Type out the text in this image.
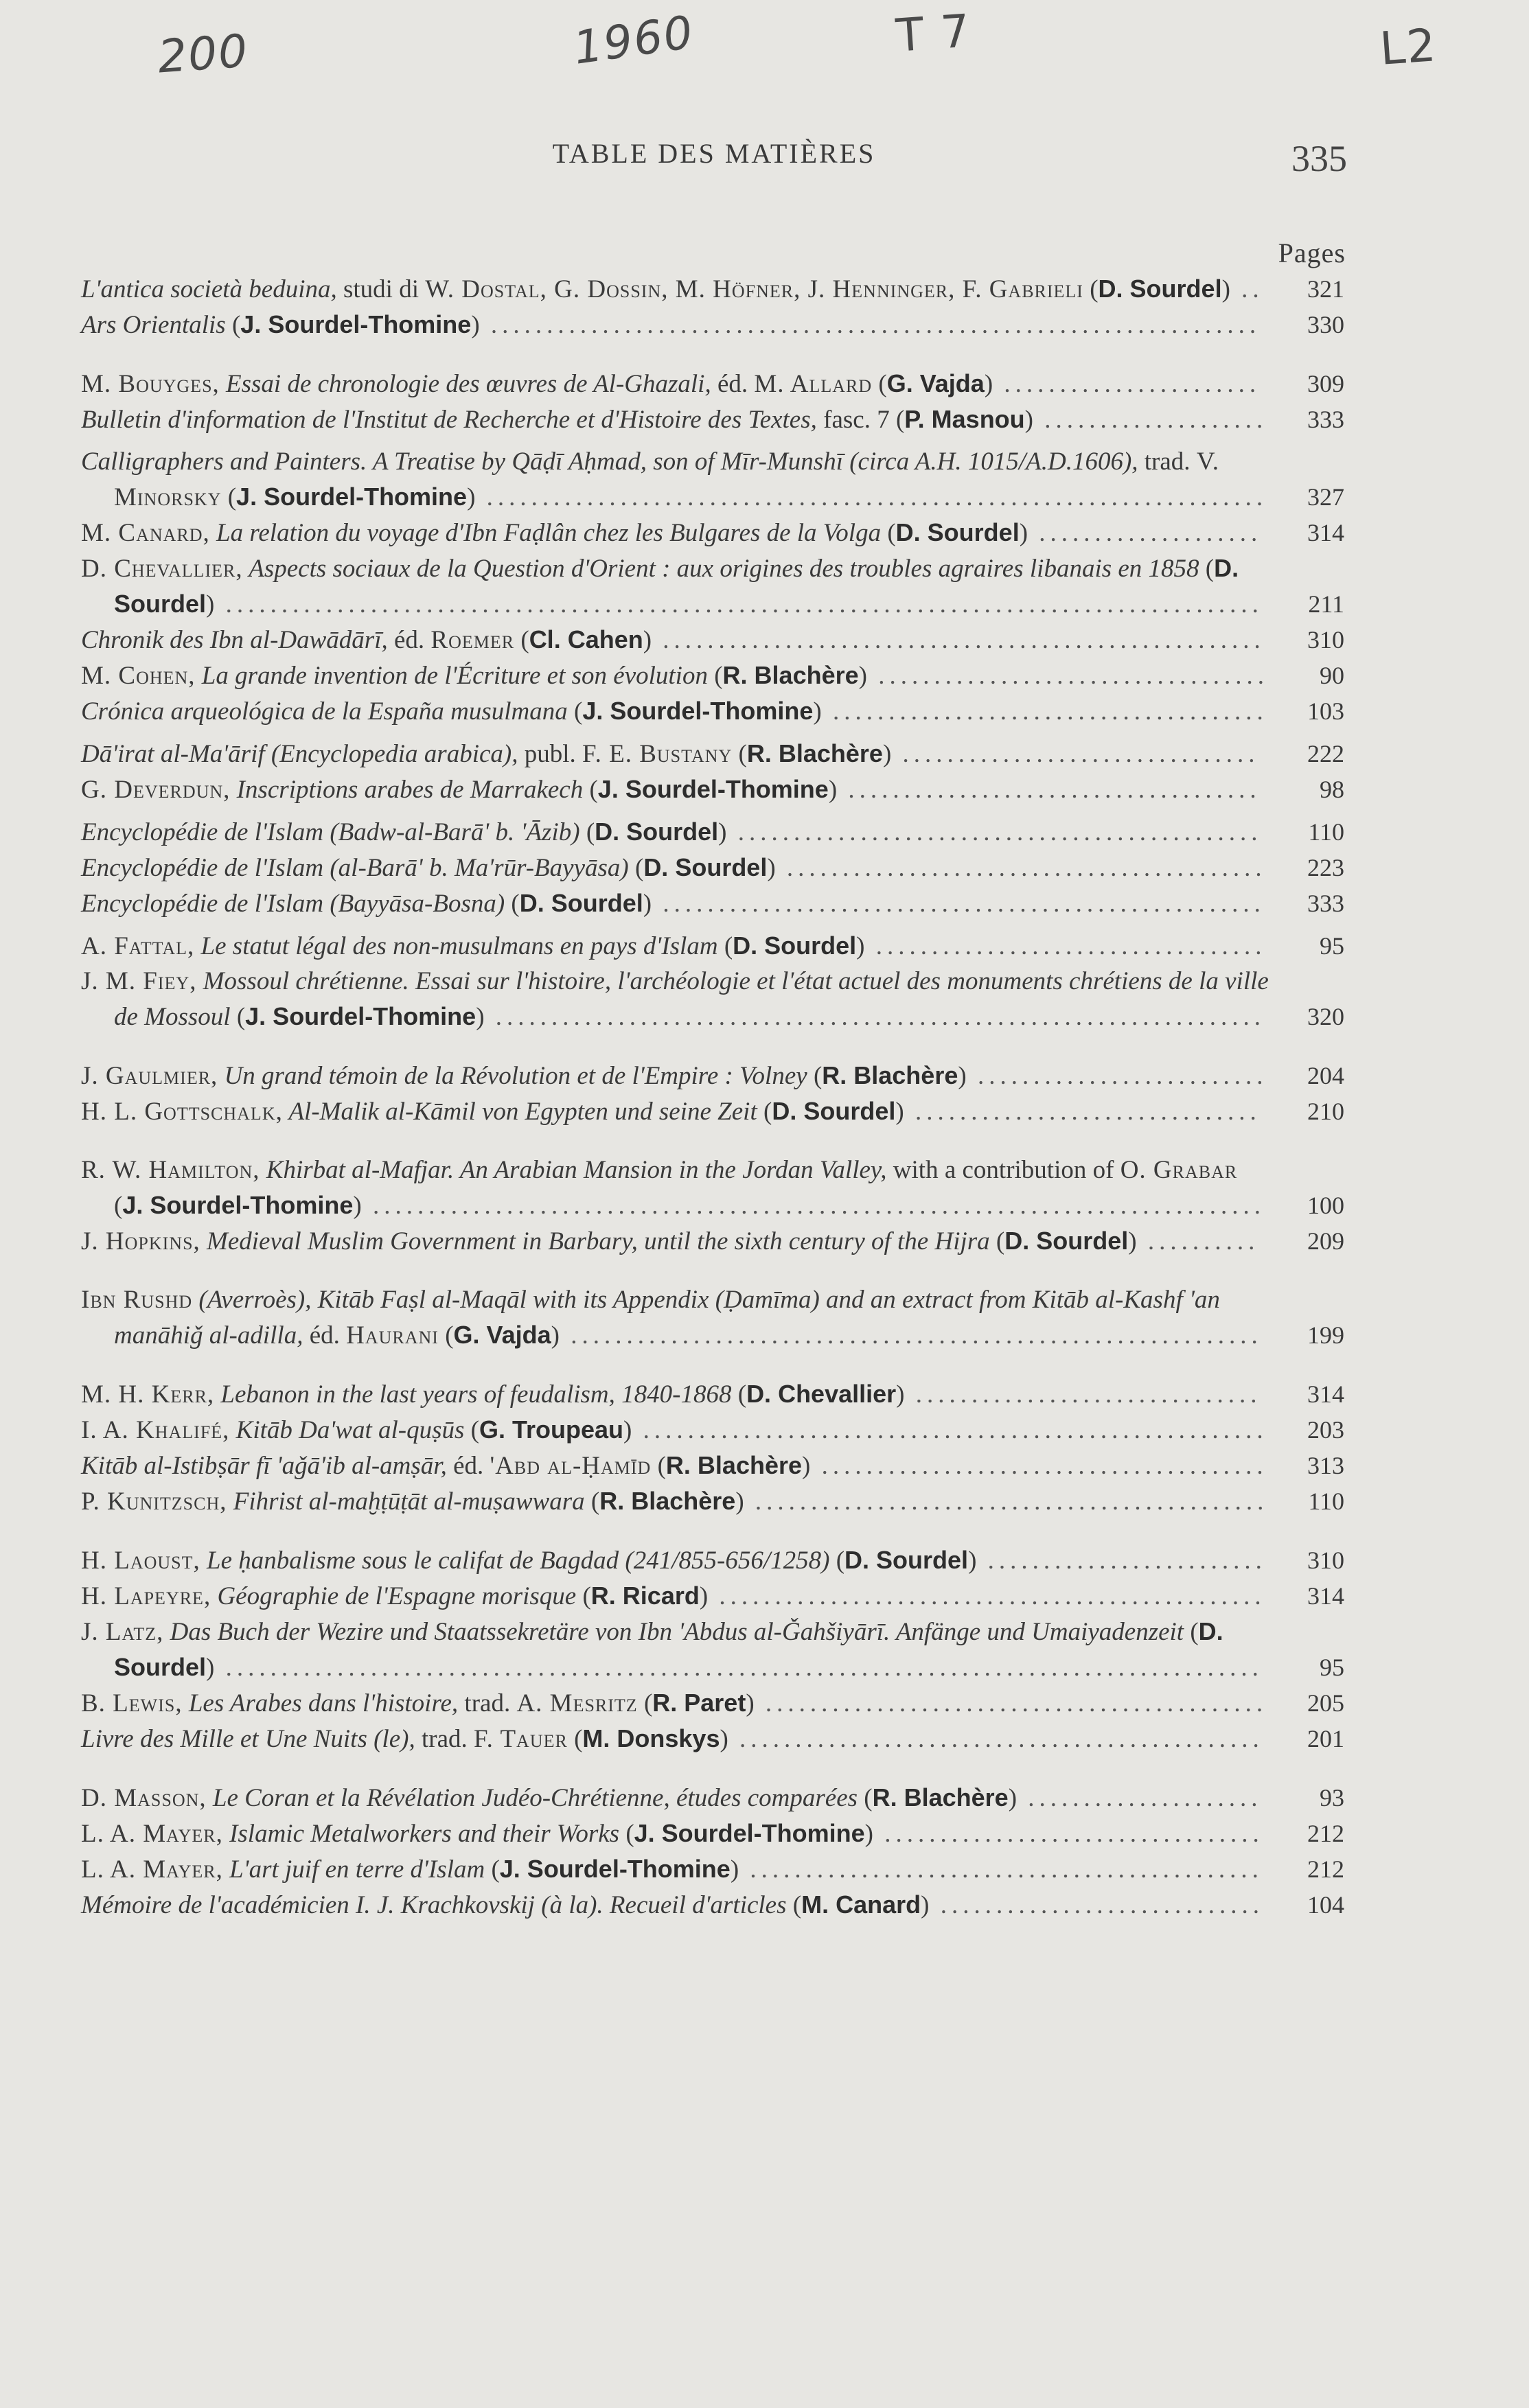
200	1960	T 7	L2
TABLE DES MATIÈRES	335
Pages
L'antica società beduina, studi di W. Dostal, G. Dossin, M. Höfner, J. Henninger, F. Gabrieli (D. Sourdel) ..	321
Ars Orientalis (J. Sourdel-Thomine) .....................................................................	330
M. Bouyges, Essai de chronologie des œuvres de Al-Ghazali, éd. M. Allard (G. Vajda) .......................	309
Bulletin d'information de l'Institut de Recherche et d'Histoire des Textes, fasc. 7 (P. Masnou) ....................	333
Calligraphers and Painters. A Treatise by Qāḍī Aḥmad, son of Mīr-Munshī (circa A.H. 1015/A.D.1606), trad. V. Minorsky (J. Sourdel-Thomine) ......................................................................	327
M. Canard, La relation du voyage d'Ibn Faḍlân chez les Bulgares de la Volga (D. Sourdel) ....................	314
D. Chevallier, Aspects sociaux de la Question d'Orient : aux origines des troubles agraires libanais en 1858 (D. Sourdel) .............................................................................................	211
Chronik des Ibn al-Dawādārī, éd. Roemer (Cl. Cahen) ......................................................	310
M. Cohen, La grande invention de l'Écriture et son évolution (R. Blachère) ...................................	90
Crónica arqueológica de la España musulmana (J. Sourdel-Thomine) .......................................	103
Dā'irat al-Ma'ārif (Encyclopedia arabica), publ. F. E. Bustany (R. Blachère) ................................	222
G. Deverdun, Inscriptions arabes de Marrakech (J. Sourdel-Thomine) .....................................	98
Encyclopédie de l'Islam (Badw-al-Barā' b. 'Āzib) (D. Sourdel) ...............................................	110
Encyclopédie de l'Islam (al-Barā' b. Ma'rūr-Bayyāsa) (D. Sourdel) ...........................................	223
Encyclopédie de l'Islam (Bayyāsa-Bosna) (D. Sourdel) ......................................................	333
A. Fattal, Le statut légal des non-musulmans en pays d'Islam (D. Sourdel) ...................................	95
J. M. Fiey, Mossoul chrétienne. Essai sur l'histoire, l'archéologie et l'état actuel des monuments chrétiens de la ville de Mossoul (J. Sourdel-Thomine) .....................................................................	320
J. Gaulmier, Un grand témoin de la Révolution et de l'Empire : Volney (R. Blachère) ..........................	204
H. L. Gottschalk, Al-Malik al-Kāmil von Egypten und seine Zeit (D. Sourdel) ...............................	210
R. W. Hamilton, Khirbat al-Mafjar. An Arabian Mansion in the Jordan Valley, with a contribution of O. Grabar (J. Sourdel-Thomine) ................................................................................	100
J. Hopkins, Medieval Muslim Government in Barbary, until the sixth century of the Hijra (D. Sourdel) ..........	209
Ibn Rushd (Averroès), Kitāb Faṣl al-Maqāl with its Appendix (Ḍamīma) and an extract from Kitāb al-Kashf 'an manāhiǧ al-adilla, éd. Haurani (G. Vajda) ..............................................................	199
M. H. Kerr, Lebanon in the last years of feudalism, 1840-1868 (D. Chevallier) ...............................	314
I. A. Khalifé, Kitāb Da'wat al-quṣūs (G. Troupeau) ........................................................	203
Kitāb al-Istibṣār fī 'aǧā'ib al-amṣār, éd. 'Abd al-Ḥamīd (R. Blachère) ........................................	313
P. Kunitzsch, Fihrist al-maḫṭūṭāt al-muṣawwara (R. Blachère) ..............................................	110
H. Laoust, Le ḥanbalisme sous le califat de Bagdad (241/855-656/1258) (D. Sourdel) .........................	310
H. Lapeyre, Géographie de l'Espagne morisque (R. Ricard) .................................................	314
J. Latz, Das Buch der Wezire und Staatssekretäre von Ibn 'Abdus al-Ǧahšiyārī. Anfänge und Umaiyadenzeit (D. Sourdel) .............................................................................................	95
B. Lewis, Les Arabes dans l'histoire, trad. A. Mesritz (R. Paret) .............................................	205
Livre des Mille et Une Nuits (le), trad. F. Tauer (M. Donskys) ...............................................	201
D. Masson, Le Coran et la Révélation Judéo-Chrétienne, études comparées (R. Blachère) .....................	93
L. A. Mayer, Islamic Metalworkers and their Works (J. Sourdel-Thomine) ..................................	212
L. A. Mayer, L'art juif en terre d'Islam (J. Sourdel-Thomine) ..............................................	212
Mémoire de l'académicien I. J. Krachkovskij (à la). Recueil d'articles (M. Canard) .............................	104
